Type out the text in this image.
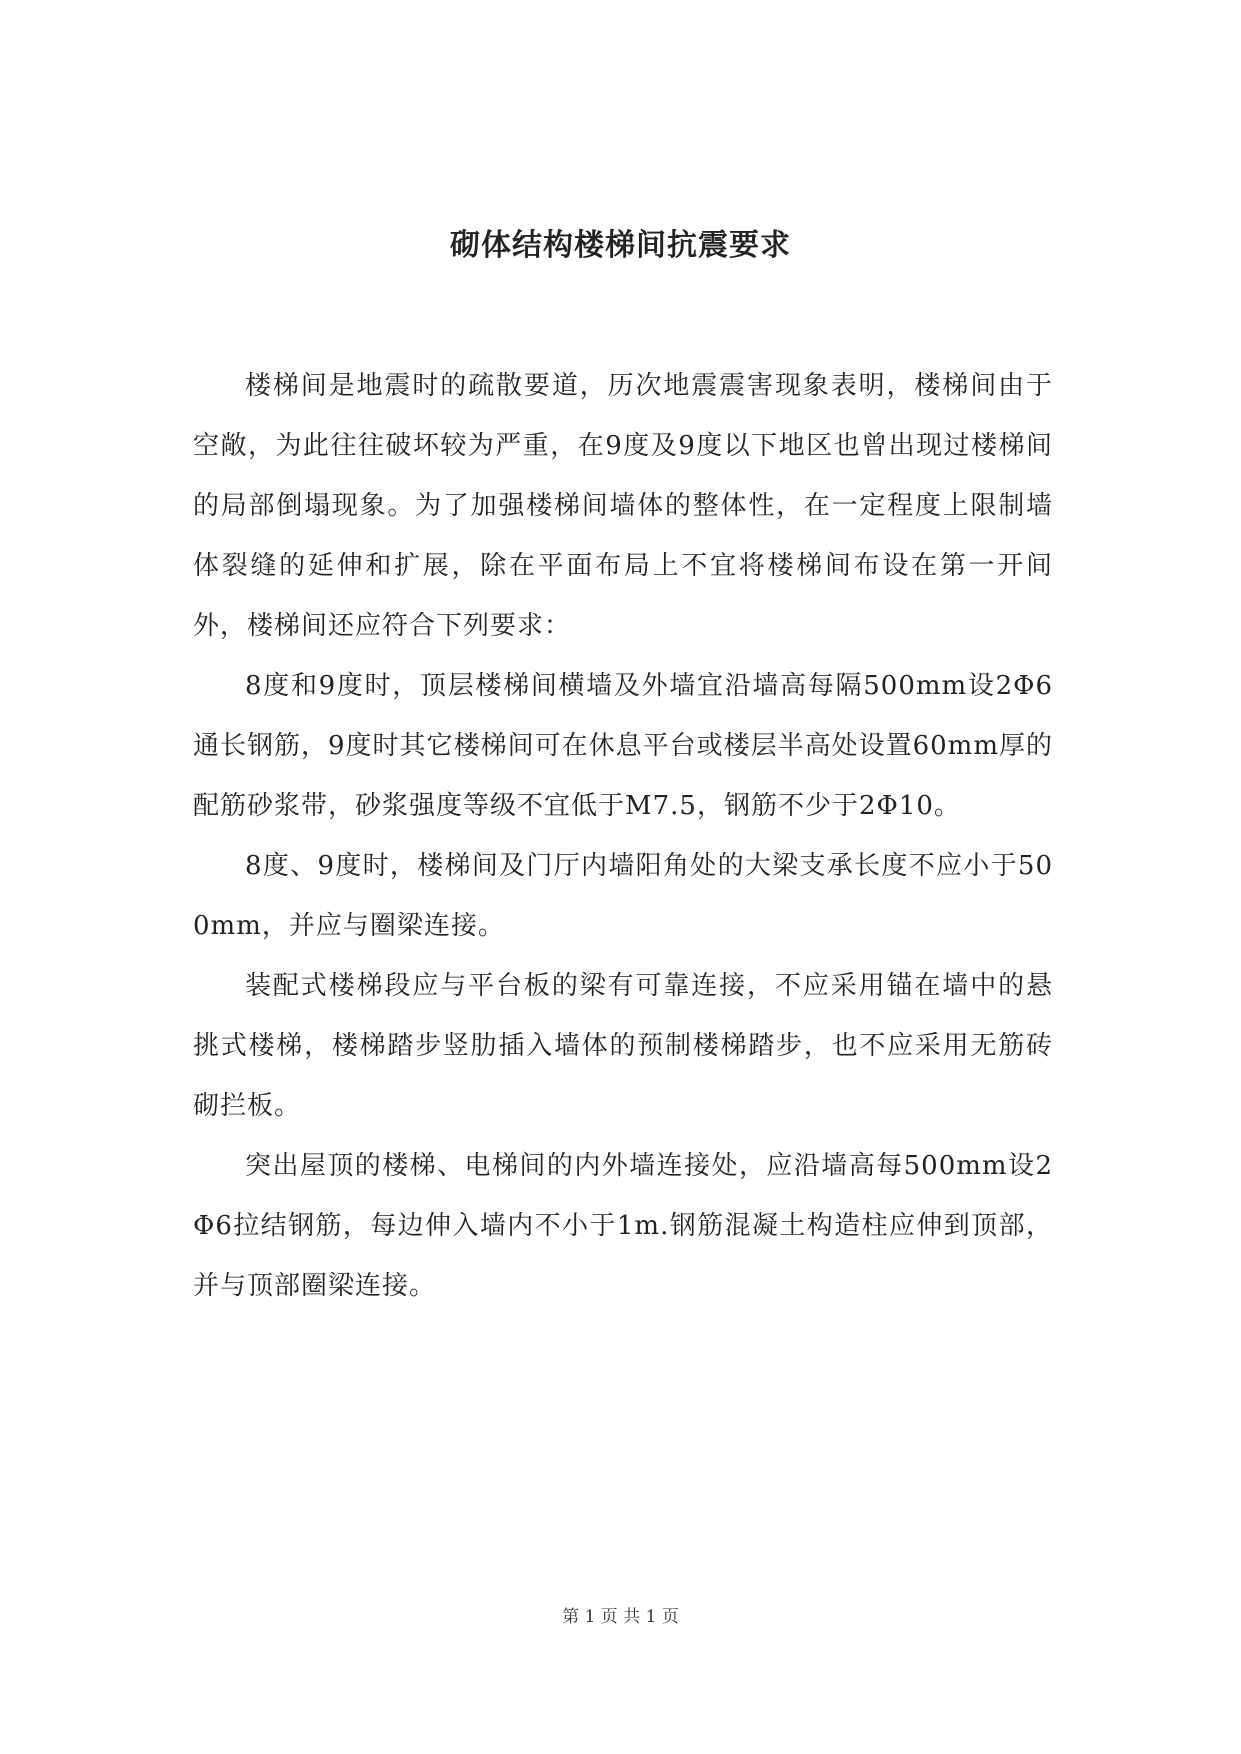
砌体结构楼梯间抗震要求

楼梯间是地震时的疏散要道，历次地震震害现象表明，楼梯间由于空敞，为此往往破坏较为严重，在9度及9度以下地区也曾出现过楼梯间的局部倒塌现象。为了加强楼梯间墙体的整体性，在一定程度上限制墙体裂缝的延伸和扩展，除在平面布局上不宜将楼梯间布设在第一开间外，楼梯间还应符合下列要求：

8度和9度时，顶层楼梯间横墙及外墙宜沿墙高每隔500mm设2Φ6通长钢筋，9度时其它楼梯间可在休息平台或楼层半高处设置60mm厚的配筋砂浆带，砂浆强度等级不宜低于M7.5，钢筋不少于2Φ10。

8度、9度时，楼梯间及门厅内墙阳角处的大梁支承长度不应小于500mm，并应与圈梁连接。

装配式楼梯段应与平台板的梁有可靠连接，不应采用锚在墙中的悬挑式楼梯，楼梯踏步竖肋插入墙体的预制楼梯踏步，也不应采用无筋砖砌拦板。

突出屋顶的楼梯、电梯间的内外墙连接处，应沿墙高每500mm设2Φ6拉结钢筋，每边伸入墙内不小于1m.钢筋混凝土构造柱应伸到顶部，并与顶部圈梁连接。

第 1 页 共 1 页
